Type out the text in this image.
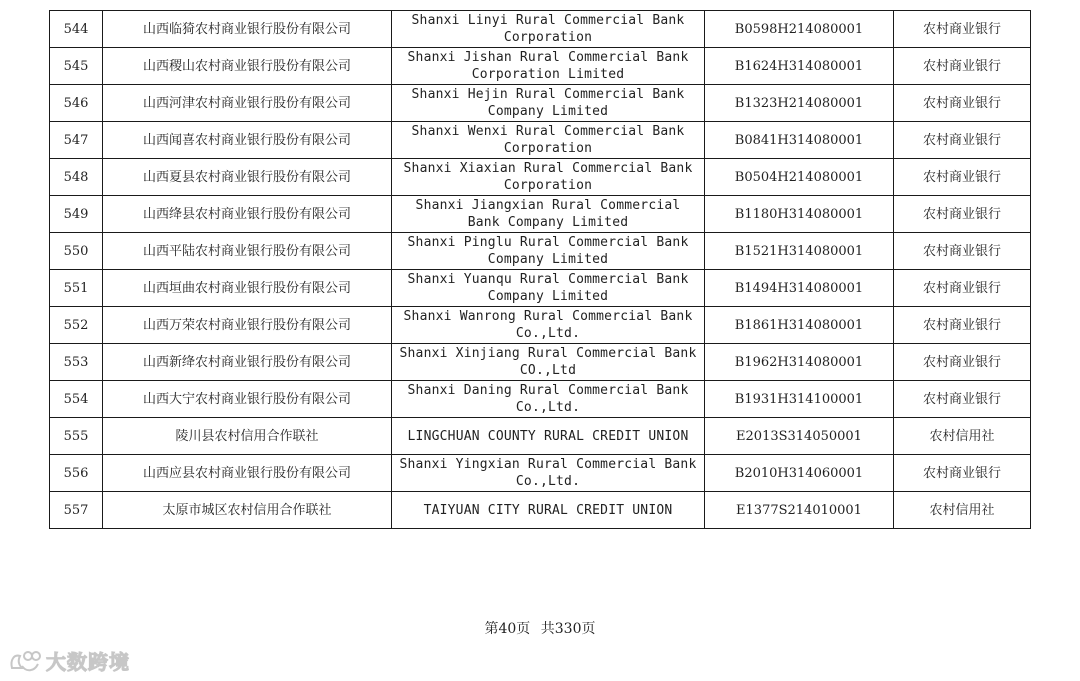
544	山西临猗农村商业银行股份有限公司	Shanxi Linyi Rural Commercial Bank Corporation	B0598H214080001	农村商业银行
545	山西稷山农村商业银行股份有限公司	Shanxi Jishan Rural Commercial Bank Corporation Limited	B1624H314080001	农村商业银行
546	山西河津农村商业银行股份有限公司	Shanxi Hejin Rural Commercial Bank Company Limited	B1323H214080001	农村商业银行
547	山西闻喜农村商业银行股份有限公司	Shanxi Wenxi Rural Commercial Bank Corporation	B0841H314080001	农村商业银行
548	山西夏县农村商业银行股份有限公司	Shanxi Xiaxian Rural Commercial Bank Corporation	B0504H214080001	农村商业银行
549	山西绛县农村商业银行股份有限公司	Shanxi Jiangxian Rural Commercial Bank Company Limited	B1180H314080001	农村商业银行
550	山西平陆农村商业银行股份有限公司	Shanxi Pinglu Rural Commercial Bank Company Limited	B1521H314080001	农村商业银行
551	山西垣曲农村商业银行股份有限公司	Shanxi Yuanqu Rural Commercial Bank Company Limited	B1494H314080001	农村商业银行
552	山西万荣农村商业银行股份有限公司	Shanxi Wanrong Rural Commercial Bank Co.,Ltd.	B1861H314080001	农村商业银行
553	山西新绛农村商业银行股份有限公司	Shanxi Xinjiang Rural Commercial Bank CO.,Ltd	B1962H314080001	农村商业银行
554	山西大宁农村商业银行股份有限公司	Shanxi Daning Rural Commercial Bank Co.,Ltd.	B1931H314100001	农村商业银行
555	陵川县农村信用合作联社	LINGCHUAN COUNTY RURAL CREDIT UNION	E2013S314050001	农村信用社
556	山西应县农村商业银行股份有限公司	Shanxi Yingxian Rural Commercial Bank Co.,Ltd.	B2010H314060001	农村商业银行
557	太原市城区农村信用合作联社	TAIYUAN CITY RURAL CREDIT UNION	E1377S214010001	农村信用社
第40页 共330页
大数跨境
